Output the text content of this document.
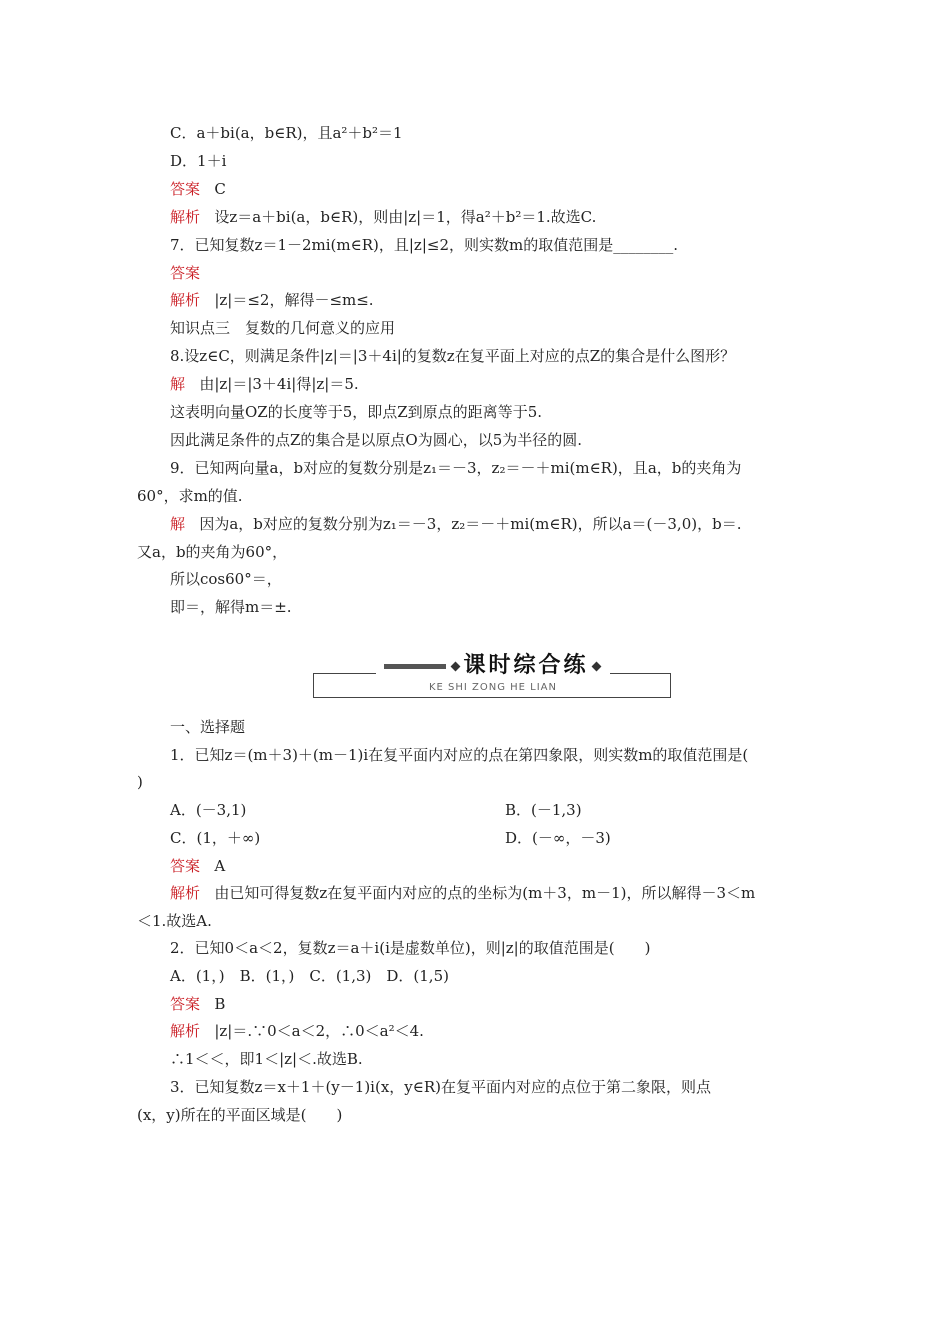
C．a＋bi(a，b∈R)，且a²＋b²＝1
D．1＋i
答案 C
解析 设z＝a＋bi(a，b∈R)，则由|z|＝1，得a²＋b²＝1.故选C.
7．已知复数z＝1－2mi(m∈R)，且|z|≤2，则实数m的取值范围是________.
答案
解析 |z|＝≤2，解得－≤m≤.
知识点三　复数的几何意义的应用
8.设z∈C，则满足条件|z|＝|3＋4i|的复数z在复平面上对应的点Z的集合是什么图形？
解 由|z|＝|3＋4i|得|z|＝5.
这表明向量OZ的长度等于5，即点Z到原点的距离等于5.
因此满足条件的点Z的集合是以原点O为圆心，以5为半径的圆.
9．已知两向量a，b对应的复数分别是z₁＝－3，z₂＝－＋mi(m∈R)，且a，b的夹角为
60°，求m的值.
解 因为a，b对应的复数分别为z₁＝－3，z₂＝－＋mi(m∈R)，所以a＝(－3,0)，b＝.
又a，b的夹角为60°，
所以cos60°＝，
即＝，解得m＝±.
课时综合练
KE SHI ZONG HE LIAN
一、选择题
1．已知z＝(m＋3)＋(m－1)i在复平面内对应的点在第四象限，则实数m的取值范围是(
)
A．(－3,1)	B．(－1,3)
C．(1，＋∞)	D．(－∞，－3)
答案 A
解析 由已知可得复数z在复平面内对应的点的坐标为(m＋3，m－1)，所以解得－3＜m
＜1.故选A.
2．已知0＜a＜2，复数z＝a＋i(i是虚数单位)，则|z|的取值范围是(　　)
A．(1，)　B．(1，)　C．(1,3)　D．(1,5)
答案 B
解析 |z|＝.∵0＜a＜2，∴0＜a²＜4.
∴1＜＜，即1＜|z|＜.故选B.
3．已知复数z＝x＋1＋(y－1)i(x，y∈R)在复平面内对应的点位于第二象限，则点
(x，y)所在的平面区域是(　　)
